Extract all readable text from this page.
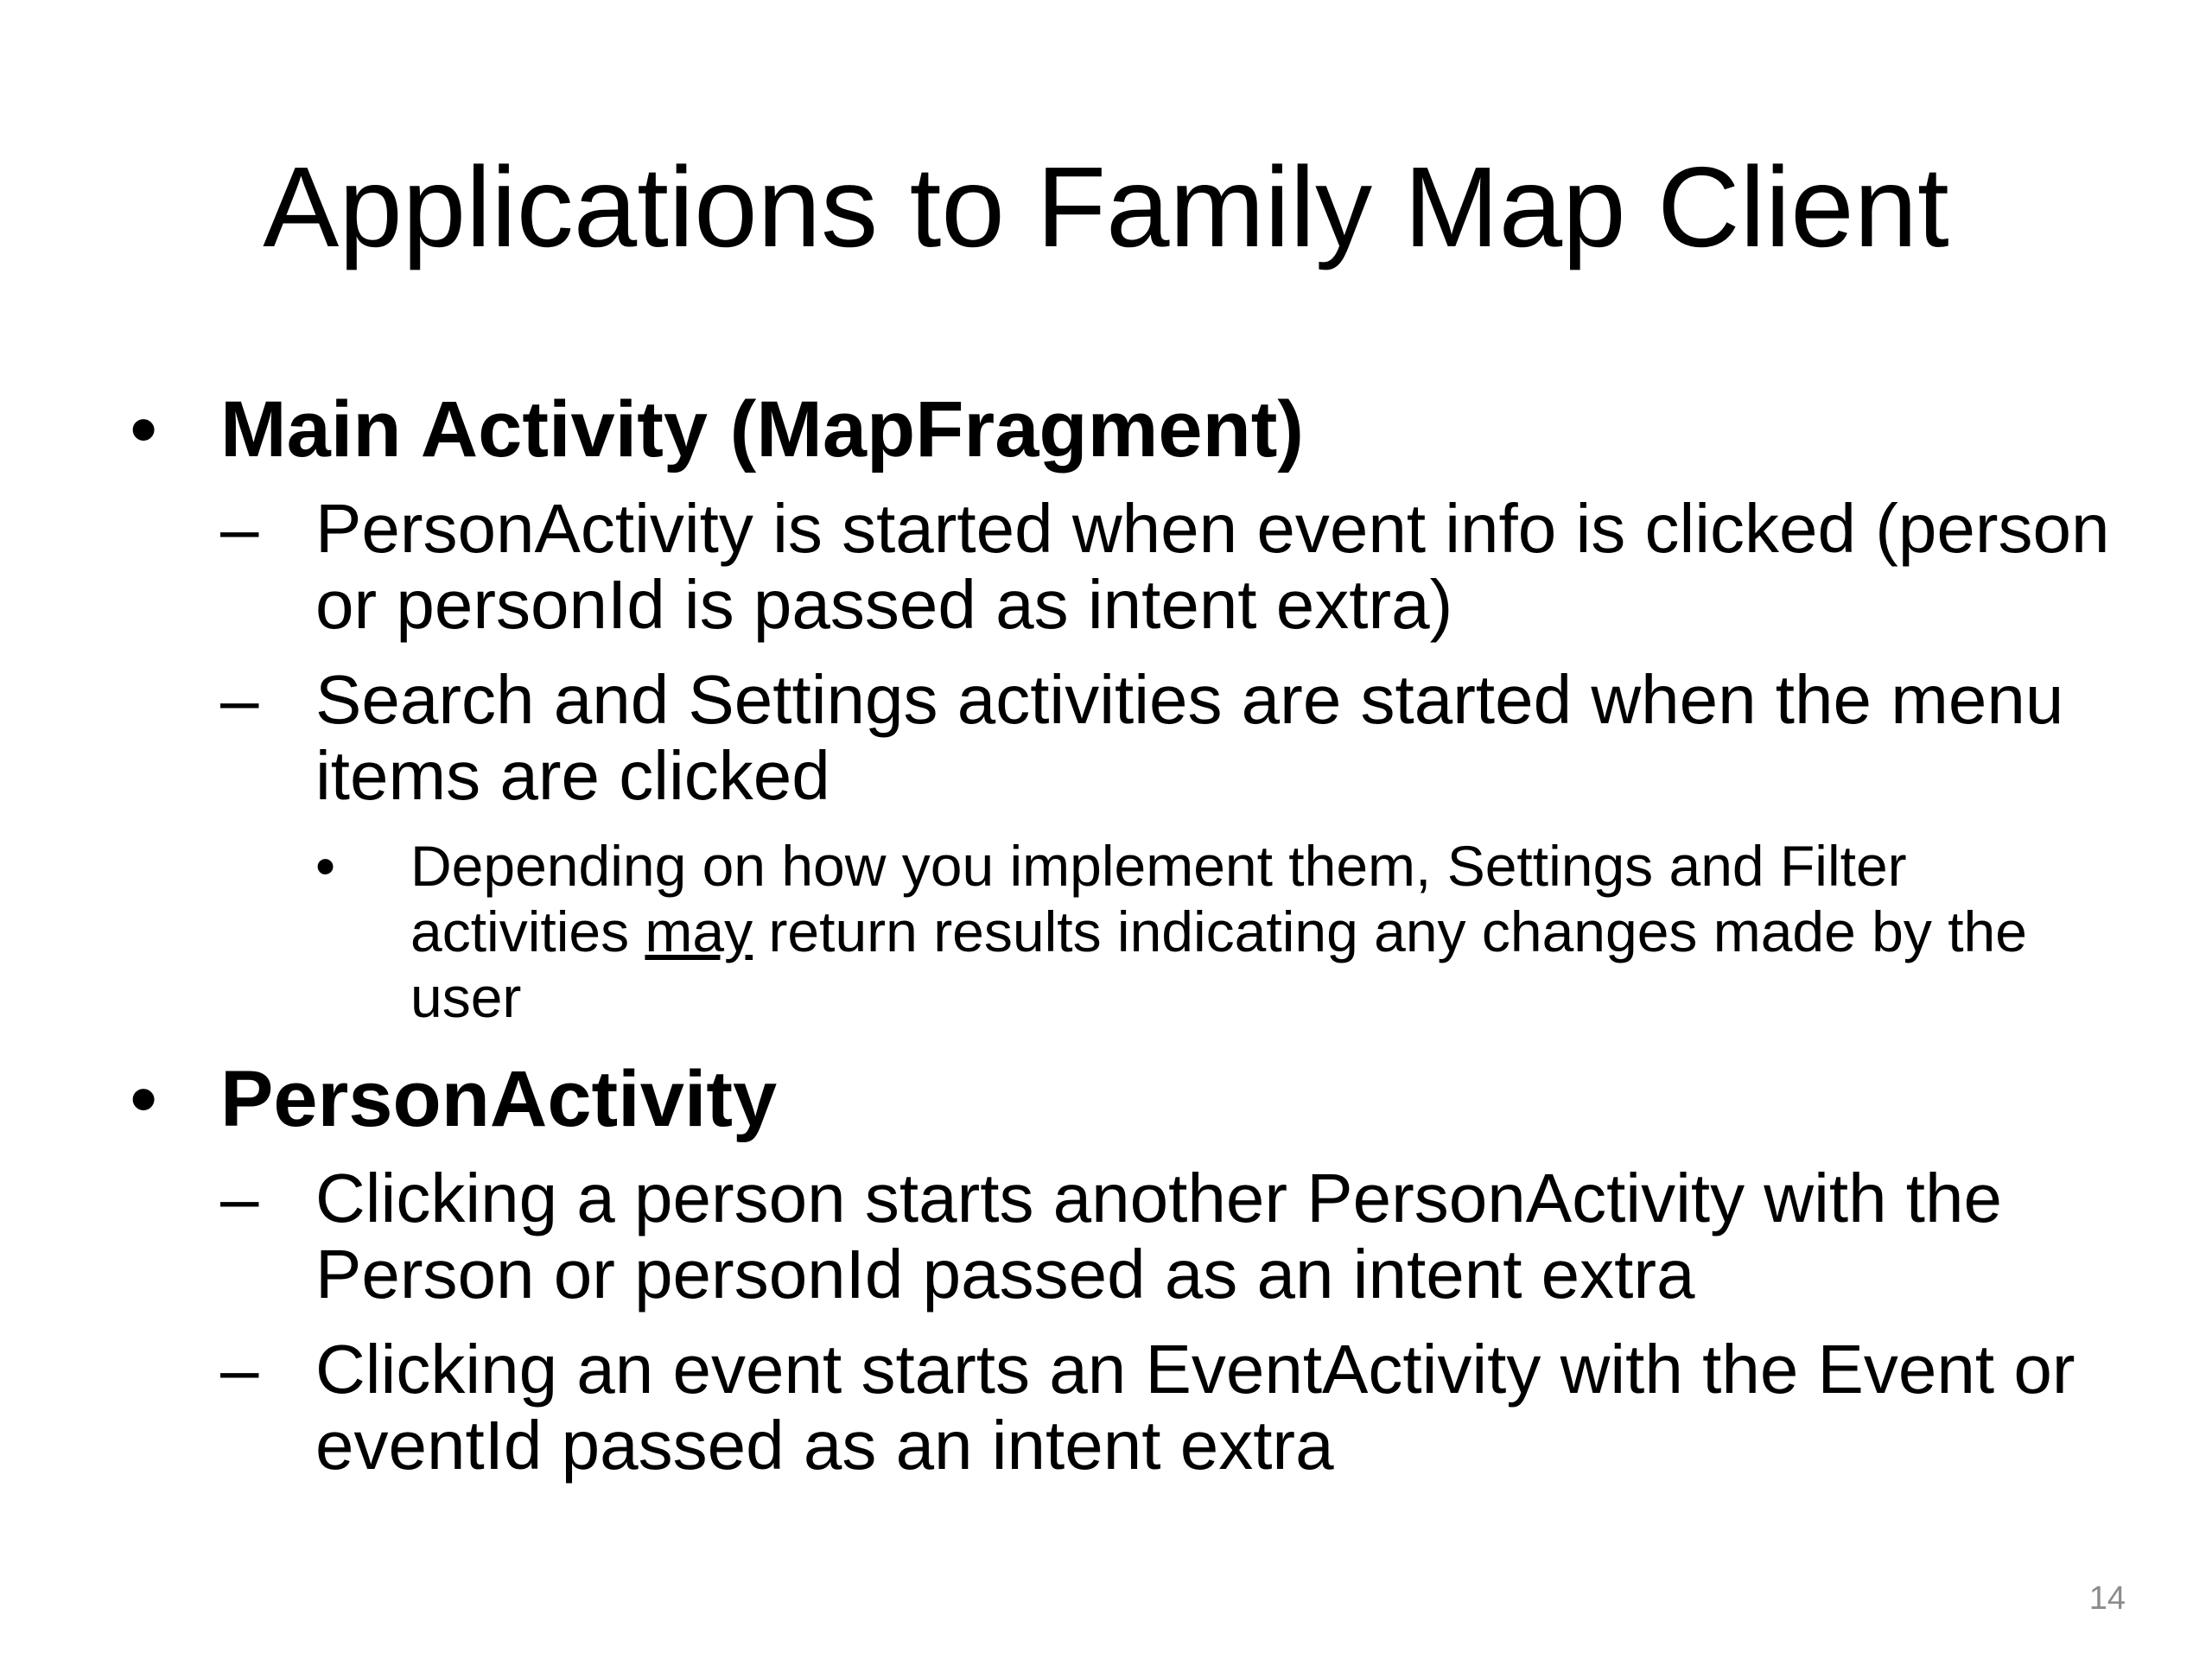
Applications to Family Map Client
• Main Activity (MapFragment)
– PersonActivity is started when event info is clicked (person or personId is passed as intent extra)
– Search and Settings activities are started when the menu items are clicked
• Depending on how you implement them, Settings and Filter activities may return results indicating any changes made by the user
• PersonActivity
– Clicking a person starts another PersonActivity with the Person or personId passed as an intent extra
– Clicking an event starts an EventActivity with the Event or eventId passed as an intent extra
14
